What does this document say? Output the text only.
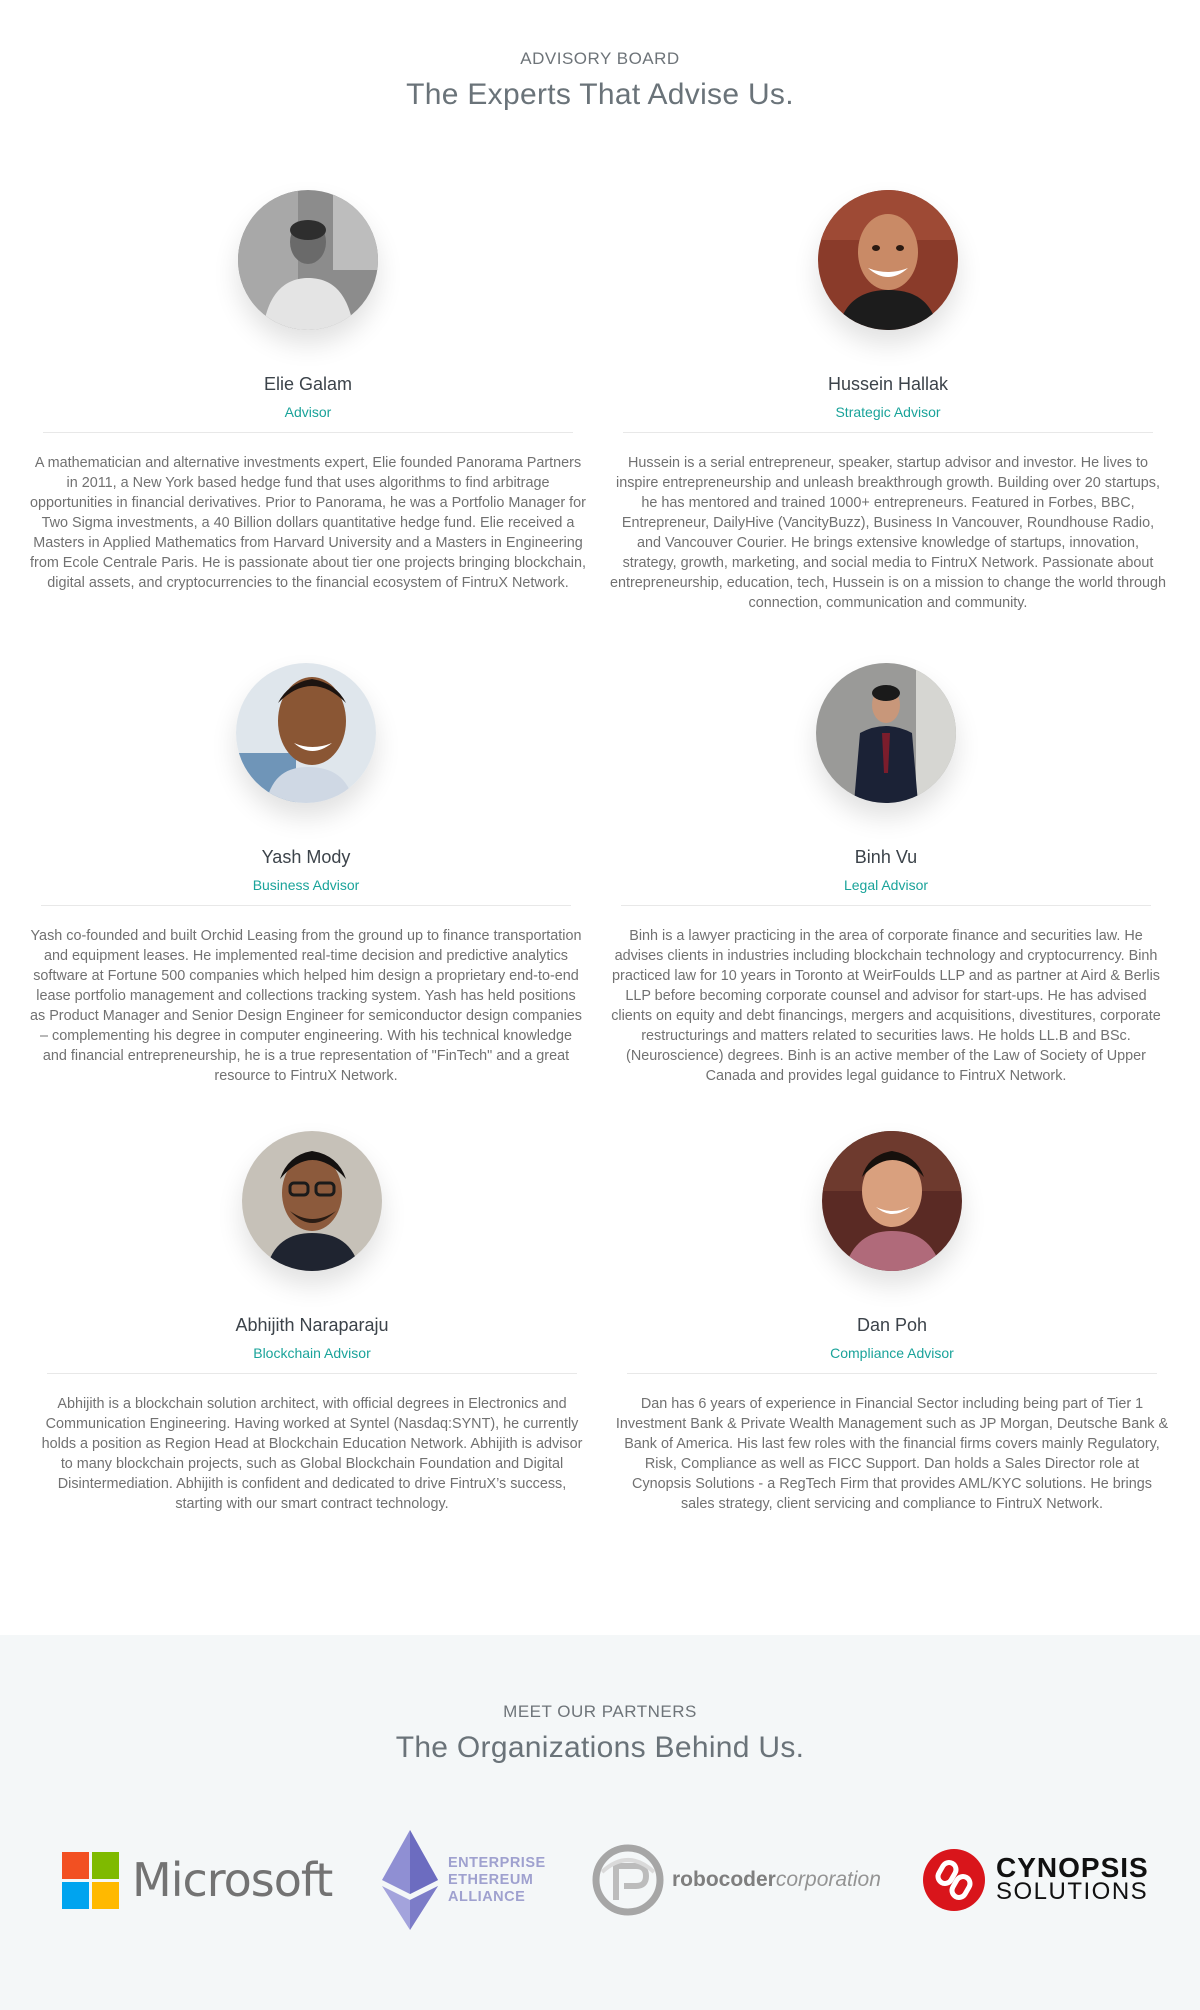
ADVISORY BOARD
The Experts That Advise Us.
Elie Galam
Advisor
A mathematician and alternative investments expert, Elie founded Panorama Partners in 2011, a New York based hedge fund that uses algorithms to find arbitrage opportunities in financial derivatives. Prior to Panorama, he was a Portfolio Manager for Two Sigma investments, a 40 Billion dollars quantitative hedge fund. Elie received a Masters in Applied Mathematics from Harvard University and a Masters in Engineering from Ecole Centrale Paris. He is passionate about tier one projects bringing blockchain, digital assets, and cryptocurrencies to the financial ecosystem of FintruX Network.
Hussein Hallak
Strategic Advisor
Hussein is a serial entrepreneur, speaker, startup advisor and investor. He lives to inspire entrepreneurship and unleash breakthrough growth. Building over 20 startups, he has mentored and trained 1000+ entrepreneurs. Featured in Forbes, BBC, Entrepreneur, DailyHive (VancityBuzz), Business In Vancouver, Roundhouse Radio, and Vancouver Courier. He brings extensive knowledge of startups, innovation, strategy, growth, marketing, and social media to FintruX Network. Passionate about entrepreneurship, education, tech, Hussein is on a mission to change the world through connection, communication and community.
Yash Mody
Business Advisor
Yash co-founded and built Orchid Leasing from the ground up to finance transportation and equipment leases. He implemented real-time decision and predictive analytics software at Fortune 500 companies which helped him design a proprietary end-to-end lease portfolio management and collections tracking system. Yash has held positions as Product Manager and Senior Design Engineer for semiconductor design companies – complementing his degree in computer engineering. With his technical knowledge and financial entrepreneurship, he is a true representation of "FinTech" and a great resource to FintruX Network.
Binh Vu
Legal Advisor
Binh is a lawyer practicing in the area of corporate finance and securities law. He advises clients in industries including blockchain technology and cryptocurrency. Binh practiced law for 10 years in Toronto at WeirFoulds LLP and as partner at Aird & Berlis LLP before becoming corporate counsel and advisor for start-ups. He has advised clients on equity and debt financings, mergers and acquisitions, divestitures, corporate restructurings and matters related to securities laws. He holds LL.B and BSc. (Neuroscience) degrees. Binh is an active member of the Law of Society of Upper Canada and provides legal guidance to FintruX Network.
Abhijith Naraparaju
Blockchain Advisor
Abhijith is a blockchain solution architect, with official degrees in Electronics and Communication Engineering. Having worked at Syntel (Nasdaq:SYNT), he currently holds a position as Region Head at Blockchain Education Network. Abhijith is advisor to many blockchain projects, such as Global Blockchain Foundation and Digital Disintermediation. Abhijith is confident and dedicated to drive FintruX’s success, starting with our smart contract technology.
Dan Poh
Compliance Advisor
Dan has 6 years of experience in Financial Sector including being part of Tier 1 Investment Bank & Private Wealth Management such as JP Morgan, Deutsche Bank & Bank of America. His last few roles with the financial firms covers mainly Regulatory, Risk, Compliance as well as FICC Support. Dan holds a Sales Director role at Cynopsis Solutions - a RegTech Firm that provides AML/KYC solutions. He brings sales strategy, client servicing and compliance to FintruX Network.
MEET OUR PARTNERS
The Organizations Behind Us.
Microsoft	ENTERPRISE
ETHEREUM
ALLIANCE
robocodercorporation	CYNOPSIS
SOLUTIONS
